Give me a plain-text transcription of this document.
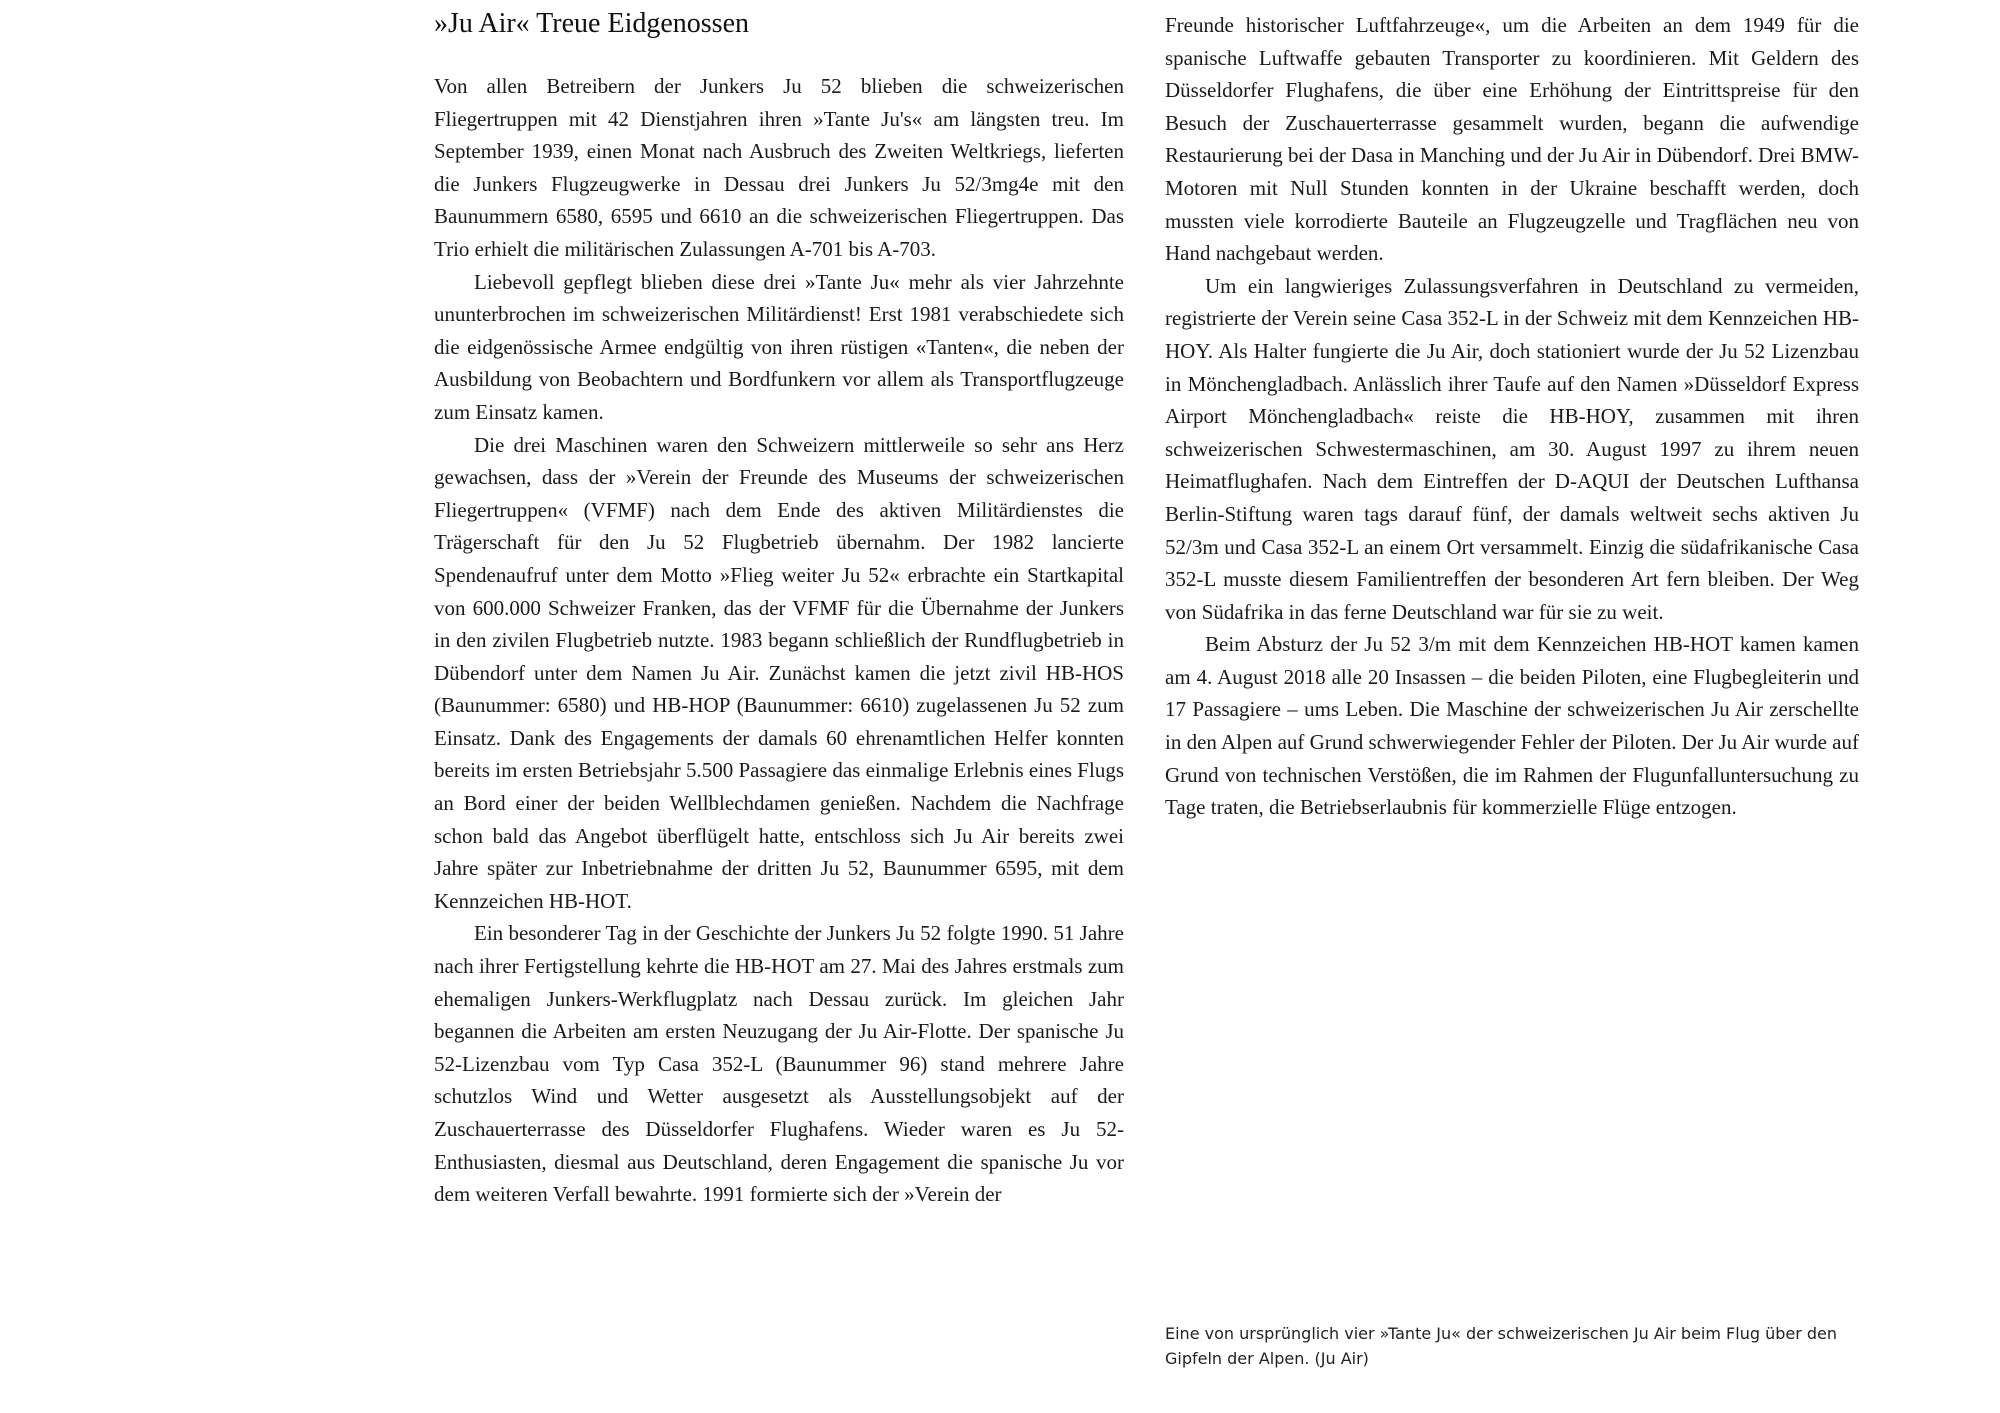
»Ju Air« Treue Eidgenossen

Von allen Betreibern der Junkers Ju 52 blieben die schweizerischen Fliegertruppen mit 42 Dienstjahren ihren »Tante Ju's« am längsten treu. Im September 1939, einen Monat nach Ausbruch des Zweiten Weltkriegs, lieferten die Junkers Flugzeugwerke in Dessau drei Junkers Ju 52/3mg4e mit den Baunummern 6580, 6595 und 6610 an die schweizerischen Fliegertruppen. Das Trio erhielt die militärischen Zulassungen A-701 bis A-703.

Liebevoll gepflegt blieben diese drei »Tante Ju« mehr als vier Jahrzehnte ununterbrochen im schweizerischen Militärdienst! Erst 1981 verabschiedete sich die eidgenössische Armee endgültig von ihren rüstigen «Tanten«, die neben der Ausbildung von Beobachtern und Bordfunkern vor allem als Transportflugzeuge zum Einsatz kamen.

Die drei Maschinen waren den Schweizern mittlerweile so sehr ans Herz gewachsen, dass der »Verein der Freunde des Museums der schweizerischen Fliegertruppen« (VFMF) nach dem Ende des aktiven Militärdienstes die Trägerschaft für den Ju 52 Flugbetrieb übernahm. Der 1982 lancierte Spendenaufruf unter dem Motto »Flieg weiter Ju 52« erbrachte ein Startkapital von 600.000 Schweizer Franken, das der VFMF für die Übernahme der Junkers in den zivilen Flugbetrieb nutzte. 1983 begann schließlich der Rundflugbetrieb in Dübendorf unter dem Namen Ju Air. Zunächst kamen die jetzt zivil HB-HOS (Baunummer: 6580) und HB-HOP (Baunummer: 6610) zugelassenen Ju 52 zum Einsatz. Dank des Engagements der damals 60 ehrenamtlichen Helfer konnten bereits im ersten Betriebsjahr 5.500 Passagiere das einmalige Erlebnis eines Flugs an Bord einer der beiden Wellblechdamen genießen. Nachdem die Nachfrage schon bald das Angebot überflügelt hatte, entschloss sich Ju Air bereits zwei Jahre später zur Inbetriebnahme der dritten Ju 52, Baunummer 6595, mit dem Kennzeichen HB-HOT.

Ein besonderer Tag in der Geschichte der Junkers Ju 52 folgte 1990. 51 Jahre nach ihrer Fertigstellung kehrte die HB-HOT am 27. Mai des Jahres erstmals zum ehemaligen Junkers-Werkflugplatz nach Dessau zurück. Im gleichen Jahr begannen die Arbeiten am ersten Neuzugang der Ju Air-Flotte. Der spanische Ju 52-Lizenzbau vom Typ Casa 352-L (Baunummer 96) stand mehrere Jahre schutzlos Wind und Wetter ausgesetzt als Ausstellungsobjekt auf der Zuschauerterrasse des Düsseldorfer Flughafens. Wieder waren es Ju 52-Enthusiasten, diesmal aus Deutschland, deren Engagement die spanische Ju vor dem weiteren Verfall bewahrte. 1991 formierte sich der »Verein der

Freunde historischer Luftfahrzeuge«, um die Arbeiten an dem 1949 für die spanische Luftwaffe gebauten Transporter zu koordinieren. Mit Geldern des Düsseldorfer Flughafens, die über eine Erhöhung der Eintrittspreise für den Besuch der Zuschauerterrasse gesammelt wurden, begann die aufwendige Restaurierung bei der Dasa in Manching und der Ju Air in Dübendorf. Drei BMW-Motoren mit Null Stunden konnten in der Ukraine beschafft werden, doch mussten viele korrodierte Bauteile an Flugzeugzelle und Tragflächen neu von Hand nachgebaut werden.

Um ein langwieriges Zulassungsverfahren in Deutschland zu vermeiden, registrierte der Verein seine Casa 352-L in der Schweiz mit dem Kennzeichen HB-HOY. Als Halter fungierte die Ju Air, doch stationiert wurde der Ju 52 Lizenzbau in Mönchengladbach. Anlässlich ihrer Taufe auf den Namen »Düsseldorf Express Airport Mönchengladbach« reiste die HB-HOY, zusammen mit ihren schweizerischen Schwestermaschinen, am 30. August 1997 zu ihrem neuen Heimatflughafen. Nach dem Eintreffen der D-AQUI der Deutschen Lufthansa Berlin-Stiftung waren tags darauf fünf, der damals weltweit sechs aktiven Ju 52/3m und Casa 352-L an einem Ort versammelt. Einzig die südafrikanische Casa 352-L musste diesem Familientreffen der besonderen Art fern bleiben. Der Weg von Südafrika in das ferne Deutschland war für sie zu weit.

Beim Absturz der Ju 52 3/m mit dem Kennzeichen HB-HOT kamen kamen am 4. August 2018 alle 20 Insassen – die beiden Piloten, eine Flugbegleiterin und 17 Passagiere – ums Leben. Die Maschine der schweizerischen Ju Air zerschellte in den Alpen auf Grund schwerwiegender Fehler der Piloten. Der Ju Air wurde auf Grund von technischen Verstößen, die im Rahmen der Flugunfalluntersuchung zu Tage traten, die Betriebserlaubnis für kommerzielle Flüge entzogen.

Eine von ursprünglich vier »Tante Ju« der schweizerischen Ju Air beim Flug über den Gipfeln der Alpen. (Ju Air)
